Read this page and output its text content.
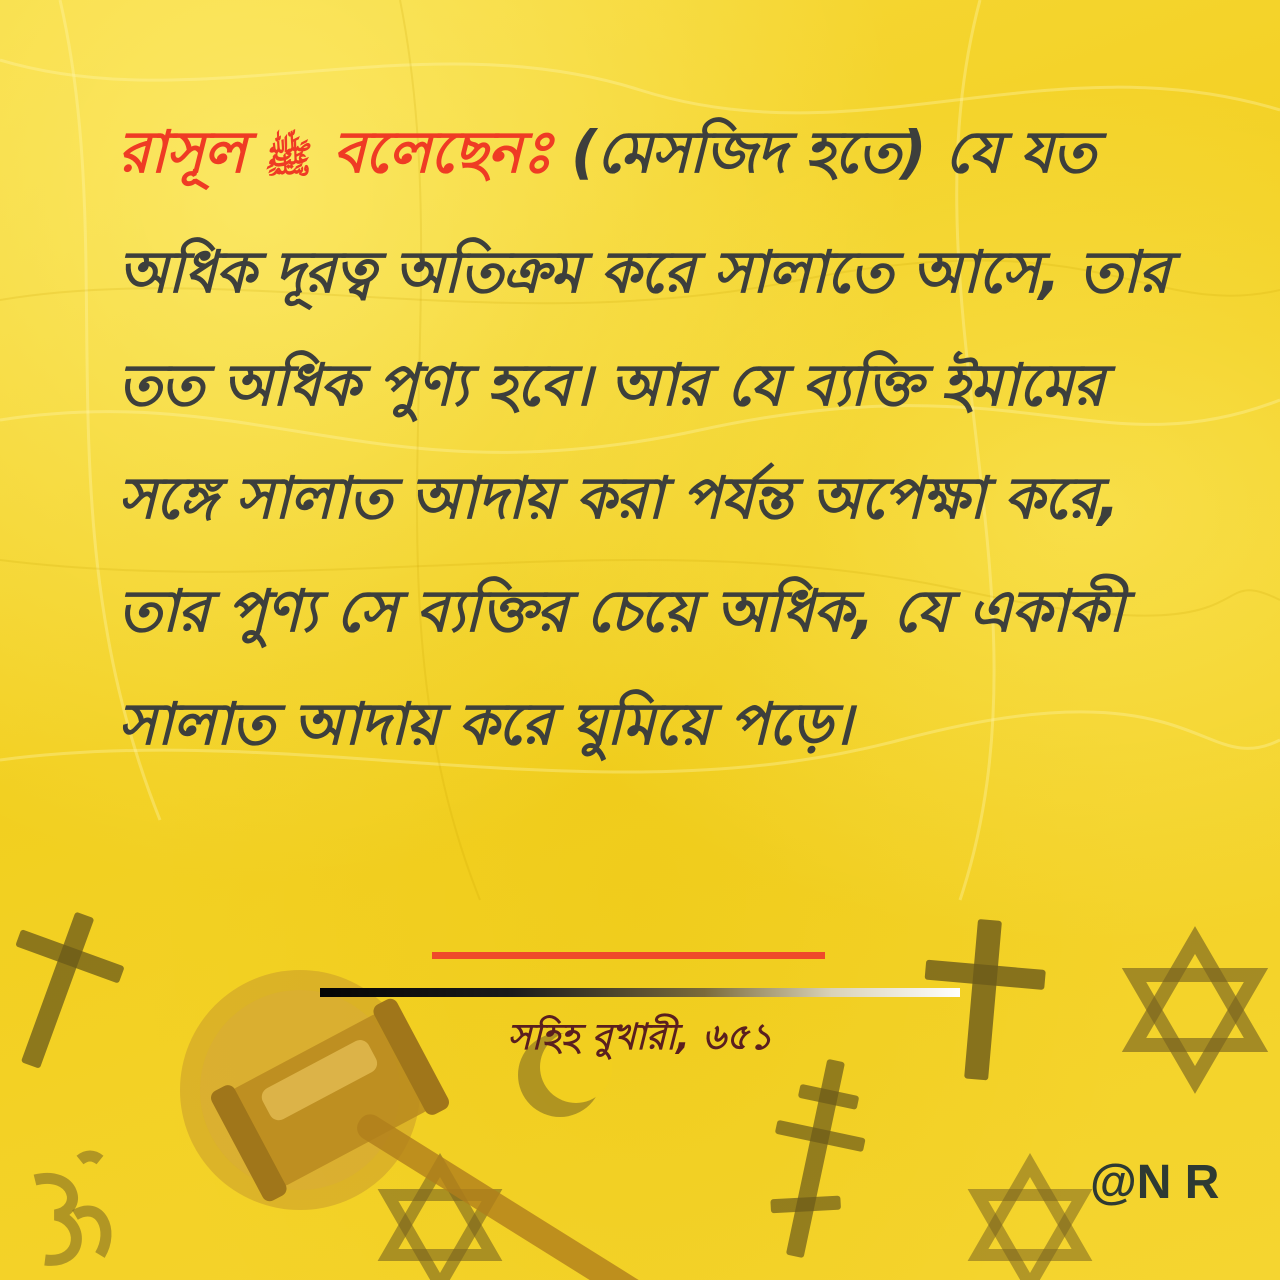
রাসূল ﷺ বলেছেনঃ (মেসজিদ হতে) যে যত অধিক দূরত্ব অতিক্রম করে সালাতে আসে, তার তত অধিক পুণ্য হবে। আর যে ব্যক্তি ইমামের সঙ্গে সালাত আদায় করা পর্যন্ত অপেক্ষা করে, তার পুণ্য সে ব্যক্তির চেয়ে অধিক, যে একাকী সালাত আদায় করে ঘুমিয়ে পড়ে।

সহিহ বুখারী, ৬৫১

@N R
